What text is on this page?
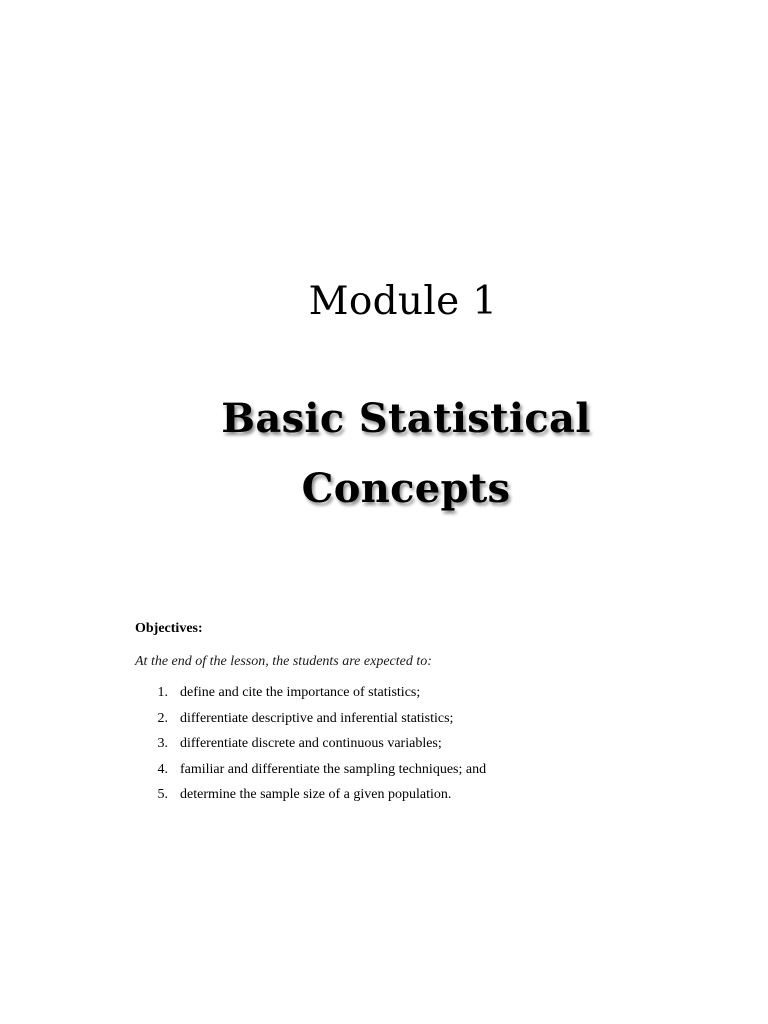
Module 1
Basic Statistical
Concepts

Objectives:

At the end of the lesson, the students are expected to:

1. define and cite the importance of statistics;
2. differentiate descriptive and inferential statistics;
3. differentiate discrete and continuous variables;
4. familiar and differentiate the sampling techniques; and
5. determine the sample size of a given population.
